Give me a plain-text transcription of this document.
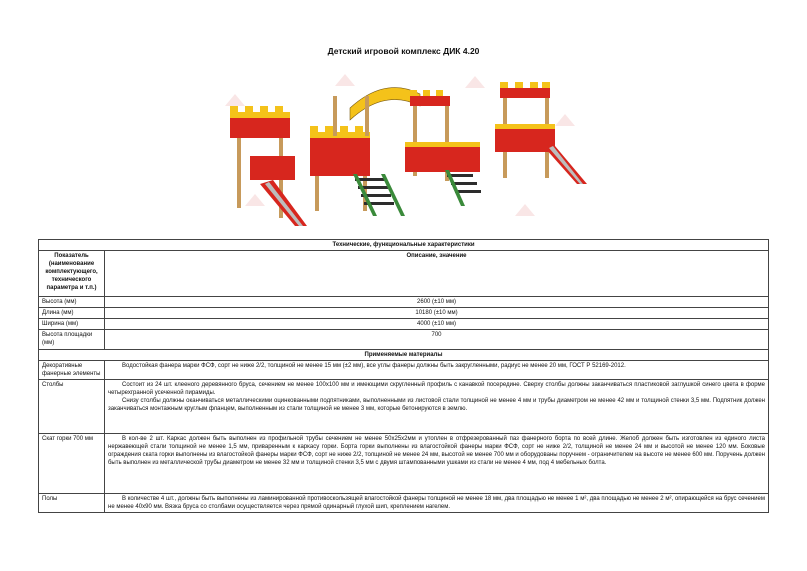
Детский игровой комплекс ДИК 4.20
Технические, функциональные характеристики	
Показатель (наименование комплектующего, технического параметра и т.п.)	Описание, значение
Высота (мм)	2600 (±10 мм)
Длина (мм)	10180 (±10 мм)
Ширина (мм)	4000 (±10 мм)
Высота площадки (мм)	700
Применяемые материалы	
Декоративные фанерные элементы	Водостойкая фанера марки ФСФ, сорт не ниже 2/2, толщиной не менее 15 мм (±2 мм), все углы фанеры должны быть закругленными, радиус не менее 20 мм, ГОСТ Р 52169-2012.

Столбы	Состоит из 24 шт. клееного деревянного бруса, сечением не менее 100х100 мм и имеющими скругленный профиль с канавкой посередине. Сверху столбы должны заканчиваться пластиковой заглушкой синего цвета в форме четырехгранной усеченной пирамиды.
Снизу столбы должны оканчиваться металлическими оцинкованными подпятниками, выполненными из листовой стали толщиной не менее 4 мм и трубы диаметром не менее 42 мм и толщиной стенки 3,5 мм. Подпятник должен заканчиваться монтажным круглым фланцем, выполненным из стали толщиной не менее 3 мм, которые бетонируются в землю.

Скат горки 700 мм	В кол-ве 2 шт. Каркас должен быть выполнен из профильной трубы сечением не менее 50х25х2мм и утоплен в отфрезерованный паз фанерного борта по всей длине. Желоб должен быть изготовлен из единого листа нержавеющей стали толщиной не менее 1,5 мм, приваренным к каркасу горки. Борта горки выполнены из влагостойкой фанеры марки ФСФ, сорт не ниже 2/2, толщиной не менее 24 мм и высотой не менее 120 мм. Боковые ограждения ската горки выполнены из влагостойкой фанеры марки ФСФ, сорт не ниже 2/2, толщиной не менее 24 мм, высотой не менее 700 мм и оборудованы поручнем - ограничителем на высоте не менее 600 мм. Поручень должен быть выполнен из металлической трубы диаметром не менее 32 мм и толщиной стенки 3,5 мм с двумя штампованными ушками из стали не менее 4 мм, под 4 мебельных болта.

Полы	В количестве 4 шт., должны быть выполнены из ламинированной противоскользящей влагостойкой фанеры толщиной не менее 18 мм, два площадью не менее 1 м², два площадью не менее 2 м², опирающейся на брус сечением не менее 40х90 мм. Вязка бруса со столбами осуществляется через прямой одинарный глухой шип, креплением нагелем.
